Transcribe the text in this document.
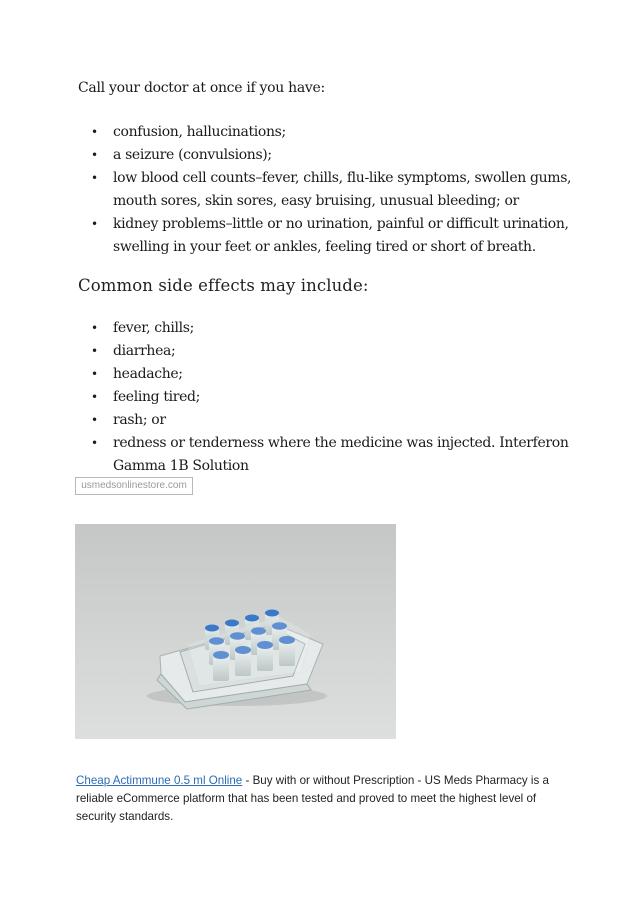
Call your doctor at once if you have:
• confusion, hallucinations;
• a seizure (convulsions);
• low blood cell counts–fever, chills, flu-like symptoms, swollen gums, mouth sores, skin sores, easy bruising, unusual bleeding; or
• kidney problems–little or no urination, painful or difficult urination, swelling in your feet or ankles, feeling tired or short of breath.
Common side effects may include:
• fever, chills;
• diarrhea;
• headache;
• feeling tired;
• rash; or
• redness or tenderness where the medicine was injected. Interferon Gamma 1B Solution
usmedsonlinestore.com
Cheap Actimmune 0.5 ml Online - Buy with or without Prescription - US Meds Pharmacy is a reliable eCommerce platform that has been tested and proved to meet the highest level of security standards.
